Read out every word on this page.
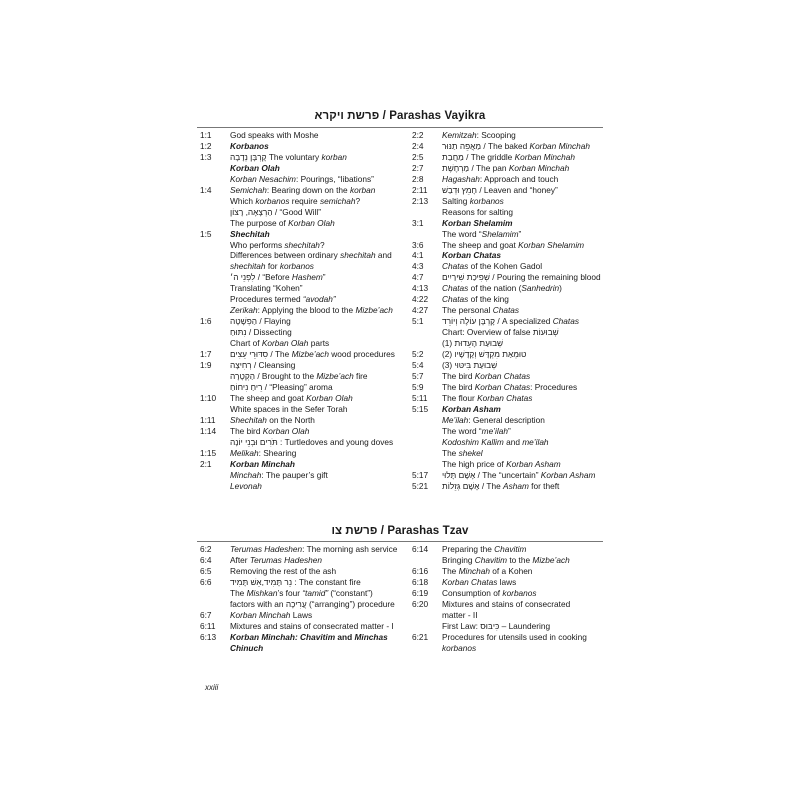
פרשת ויקרא / Parashas Vayikra
1:1	God speaks with Moshe
1:2	Korbanos
1:3	קָרְבָּן נְדָבָה The voluntary korban
Korban Olah
Korban Nesachim: Pourings, “libations”
1:4	Semichah: Bearing down on the korban
Which korbanos require semichah?
הַרְצָאָה, רָצוֹן / “Good Will”
The purpose of Korban Olah
1:5	Shechitah
Who performs shechitah?
Differences between ordinary shechitah and
shechitah for korbanos
לִפְנֵי ה׳ / “Before Hashem”
Translating “Kohen”
Procedures termed “avodah”
Zerikah: Applying the blood to the Mizbe’ach
1:6	הַפְשָׁטָה / Flaying
נִתּוּחַ / Dissecting
Chart of Korban Olah parts
1:7	סִדּוּרֵי עֵצִים / The Mizbe’ach wood procedures
1:9	רְחִיצָה / Cleansing
הַקְטָרָה / Brought to the Mizbe’ach fire
רֵיחַ נִיחוֹחַ / “Pleasing” aroma
1:10	The sheep and goat Korban Olah
White spaces in the Sefer Torah
1:11	Shechitah on the North
1:14	The bird Korban Olah
תֹּרִים וּבְנֵי יוֹנָה : Turtledoves and young doves
1:15	Melikah: Shearing
2:1	Korban Minchah
Minchah: The pauper’s gift
Levonah
2:2	Kemitzah: Scooping
2:4	מַאֲפֵה תַנּוּר / The baked Korban Minchah
2:5	מַחֲבַת / The griddle Korban Minchah
2:7	מַרְחֶשֶׁת / The pan Korban Minchah
2:8	Hagashah: Approach and touch
2:11	חָמֵץ וּדְבַשׁ / Leaven and “honey”
2:13	Salting korbanos
Reasons for salting
3:1	Korban Shelamim
The word “Shelamim”
3:6	The sheep and goat Korban Shelamim
4:1	Korban Chatas
4:3	Chatas of the Kohen Gadol
4:7	שְׁפִיכַת שִׁירַיִים / Pouring the remaining blood
4:13	Chatas of the nation (Sanhedrin)
4:22	Chatas of the king
4:27	The personal Chatas
5:1	קָרְבָּן עוֹלֶה וְיוֹרֵד / A specialized Chatas
Chart: Overview of false שְׁבוּעוֹת
שְׁבוּעַת הָעֵדוּת (1)
5:2	טוּמְאַת מִקְדָּשׁ וְקָדָשָׁיו (2)
5:4	שְׁבוּעַת בִּיטּוּי (3)
5:7	The bird Korban Chatas
5:9	The bird Korban Chatas: Procedures
5:11	The flour Korban Chatas
5:15	Korban Asham
Me’ilah: General description
The word “me’ilah”
Kodoshim Kallim and me’ilah
The shekel
The high price of Korban Asham
5:17	אָשָׁם תָּלוּי / The “uncertain” Korban Asham
5:21	אָשָׁם גְּזֵלוֹת / The Asham for theft
פרשת צו / Parashas Tzav
6:2	Terumas Hadeshen: The morning ash service
6:4	After Terumas Hadeshen
6:5	Removing the rest of the ash
6:6	נֵר תָּמִיד,אֵשׁ תָּמִיד : The constant fire
The Mishkan’s four “tamid” (“constant”)
factors with an עֲרִיכָה (“arranging”) procedure
6:7	Korban Minchah Laws
6:11	Mixtures and stains of consecrated matter - I
6:13	Korban Minchah: Chavitim and Minchas
Chinuch
6:14	Preparing the Chavitim
Bringing Chavitim to the Mizbe’ach
6:16	The Minchah of a Kohen
6:18	Korban Chatas laws
6:19	Consumption of korbanos
6:20	Mixtures and stains of consecrated
matter - II
First Law: כִּיבּוּס – Laundering
6:21	Procedures for utensils used in cooking
korbanos
xxiii
